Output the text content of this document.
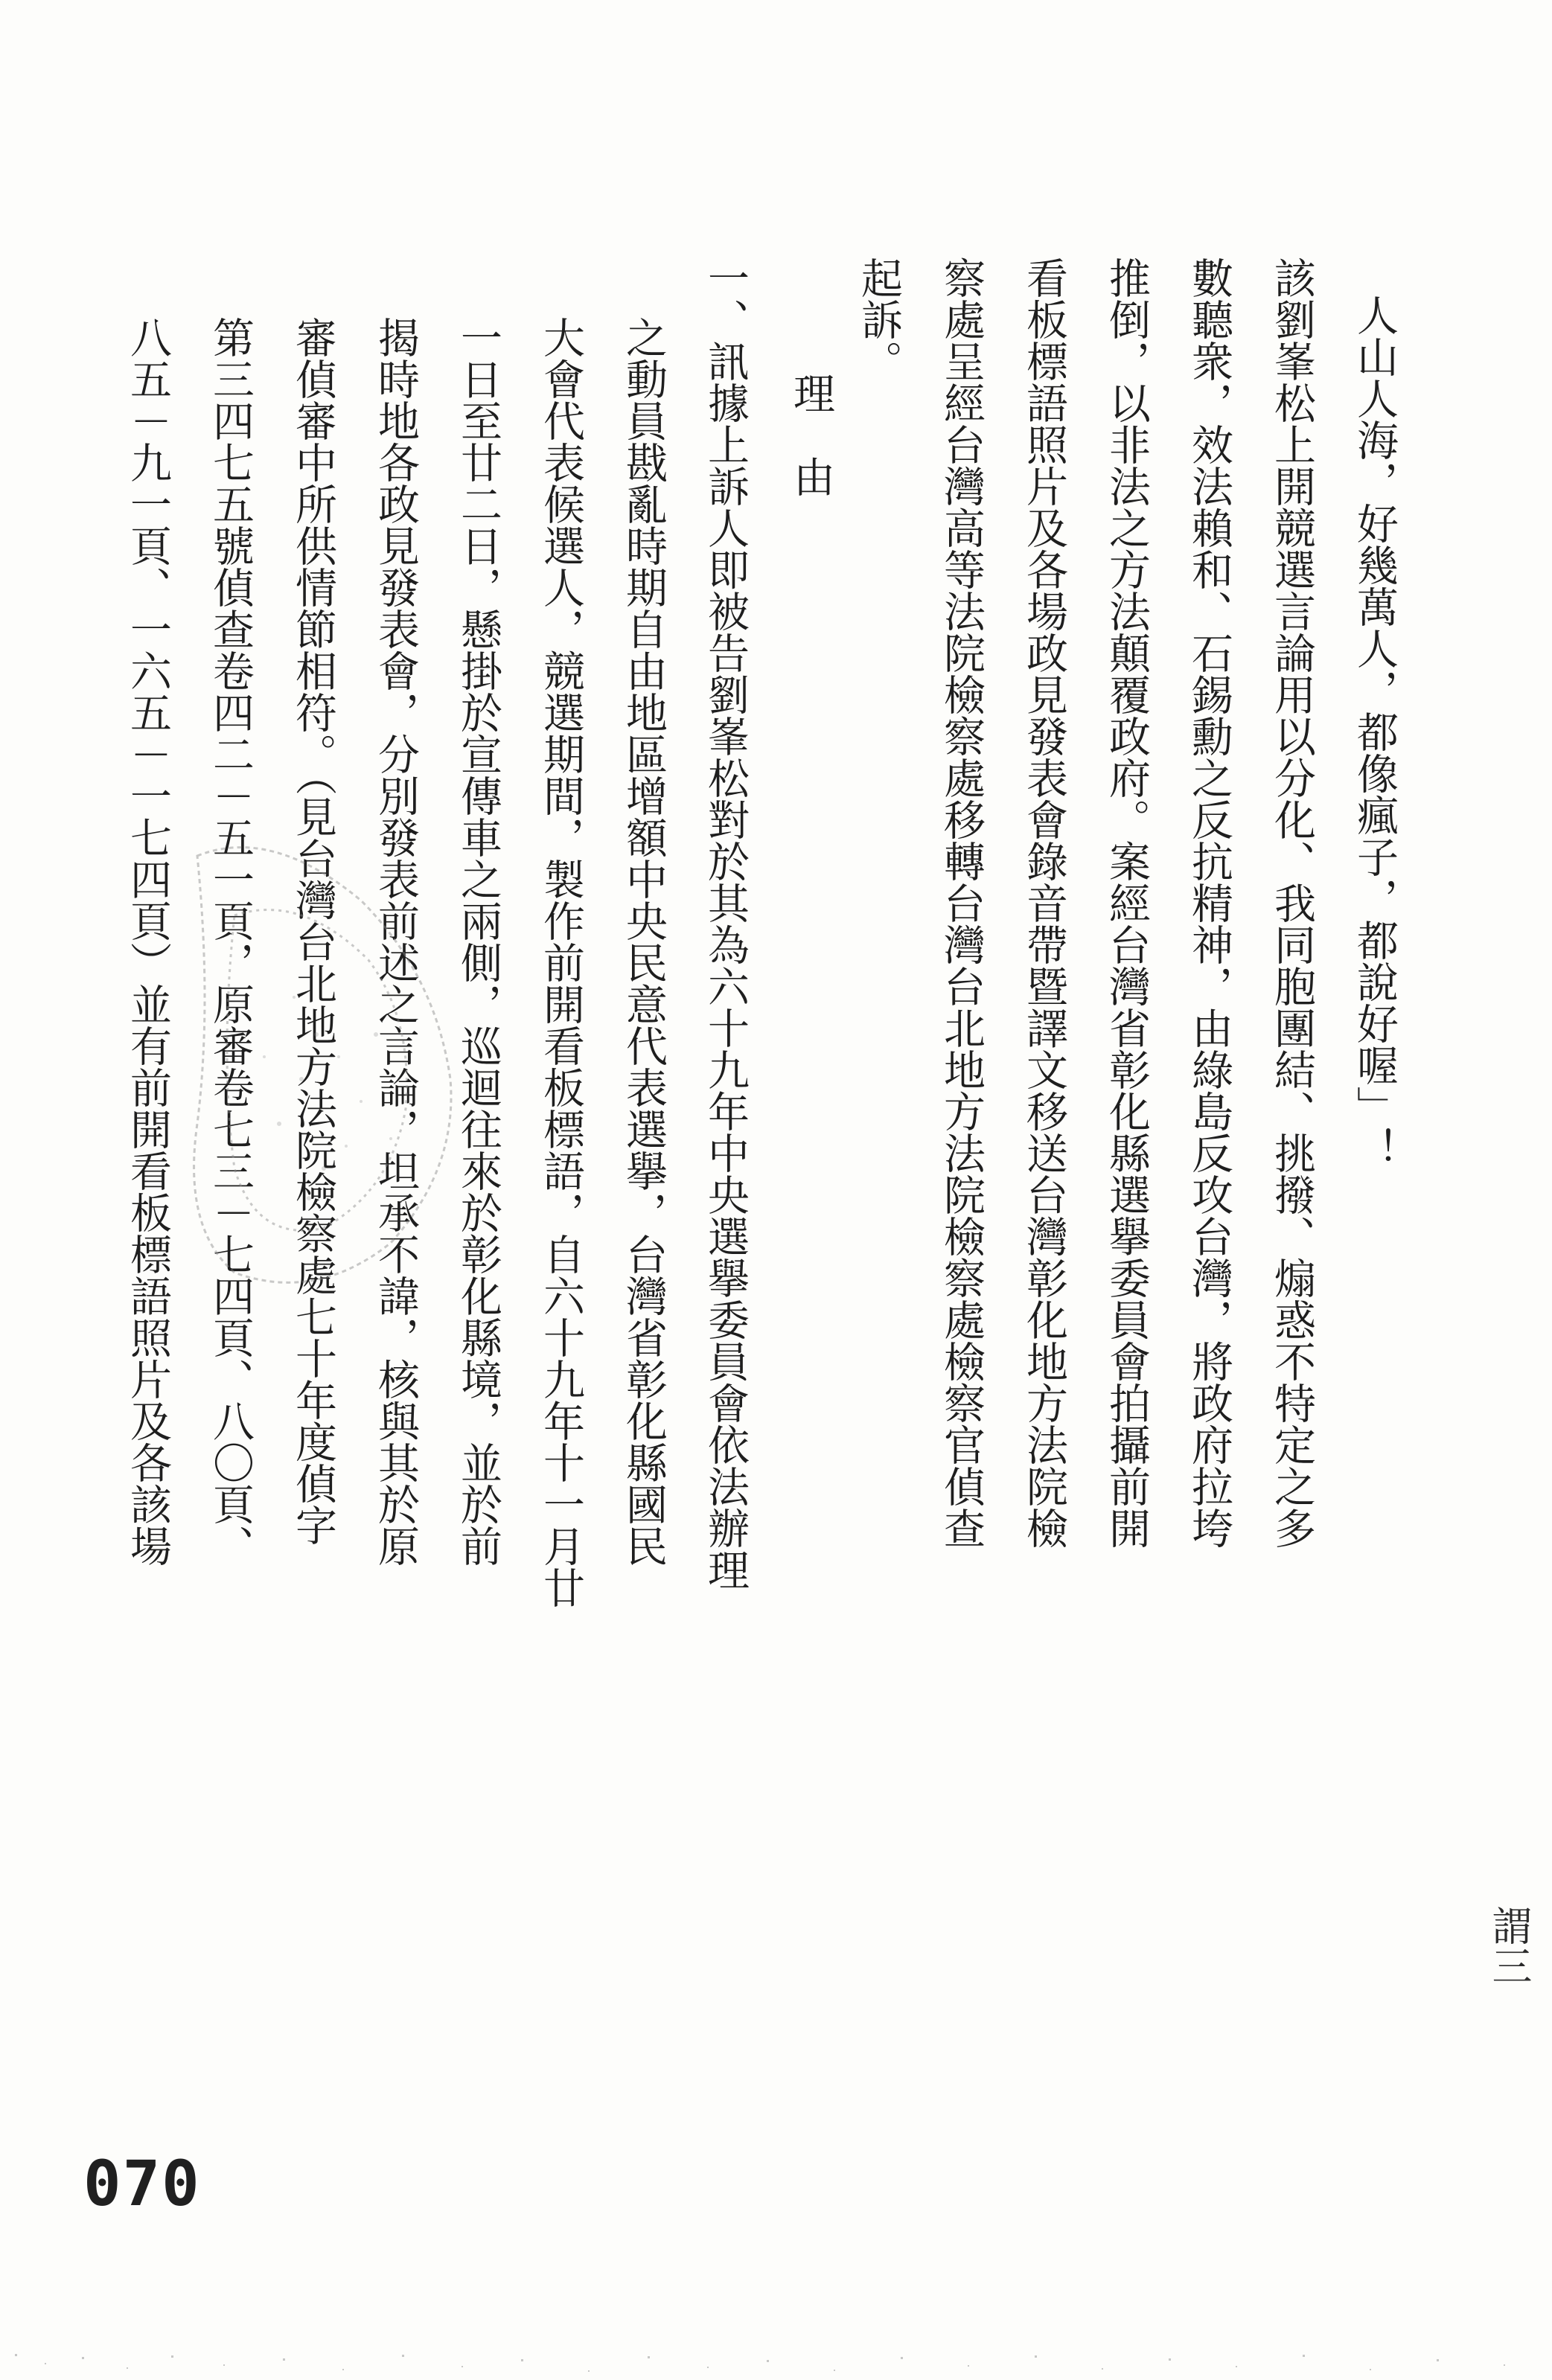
人山人海，好幾萬人，都像瘋子，都說好喔」！
該劉峯松上開競選言論用以分化、我同胞團結、挑撥、煽惑不特定之多
數聽衆，效法賴和、石錫勳之反抗精神，由綠島反攻台灣，將政府拉垮
推倒，以非法之方法顛覆政府。案經台灣省彰化縣選擧委員會拍攝前開
看板標語照片及各場政見發表會錄音帶暨譯文移送台灣彰化地方法院檢
察處呈經台灣高等法院檢察處移轉台灣台北地方法院檢察處檢察官偵查
起訴。
理　由
一、訊據上訴人即被告劉峯松對於其為六十九年中央選擧委員會依法辦理
之動員戡亂時期自由地區增額中央民意代表選擧，台灣省彰化縣國民
大會代表候選人，競選期間，製作前開看板標語，自六十九年十一月廿
一日至廿二日，懸掛於宣傳車之兩側，巡迴往來於彰化縣境，並於前
揭時地各政見發表會，分別發表前述之言論，坦承不諱，核與其於原
審偵審中所供情節相符。（見台灣台北地方法院檢察處七十年度偵字
第三四七五號偵查卷四二－五一頁，原審卷七三－七四頁、八〇頁、
八五－九一頁、一六五－一七四頁）並有前開看板標語照片及各該場
070
謂三
